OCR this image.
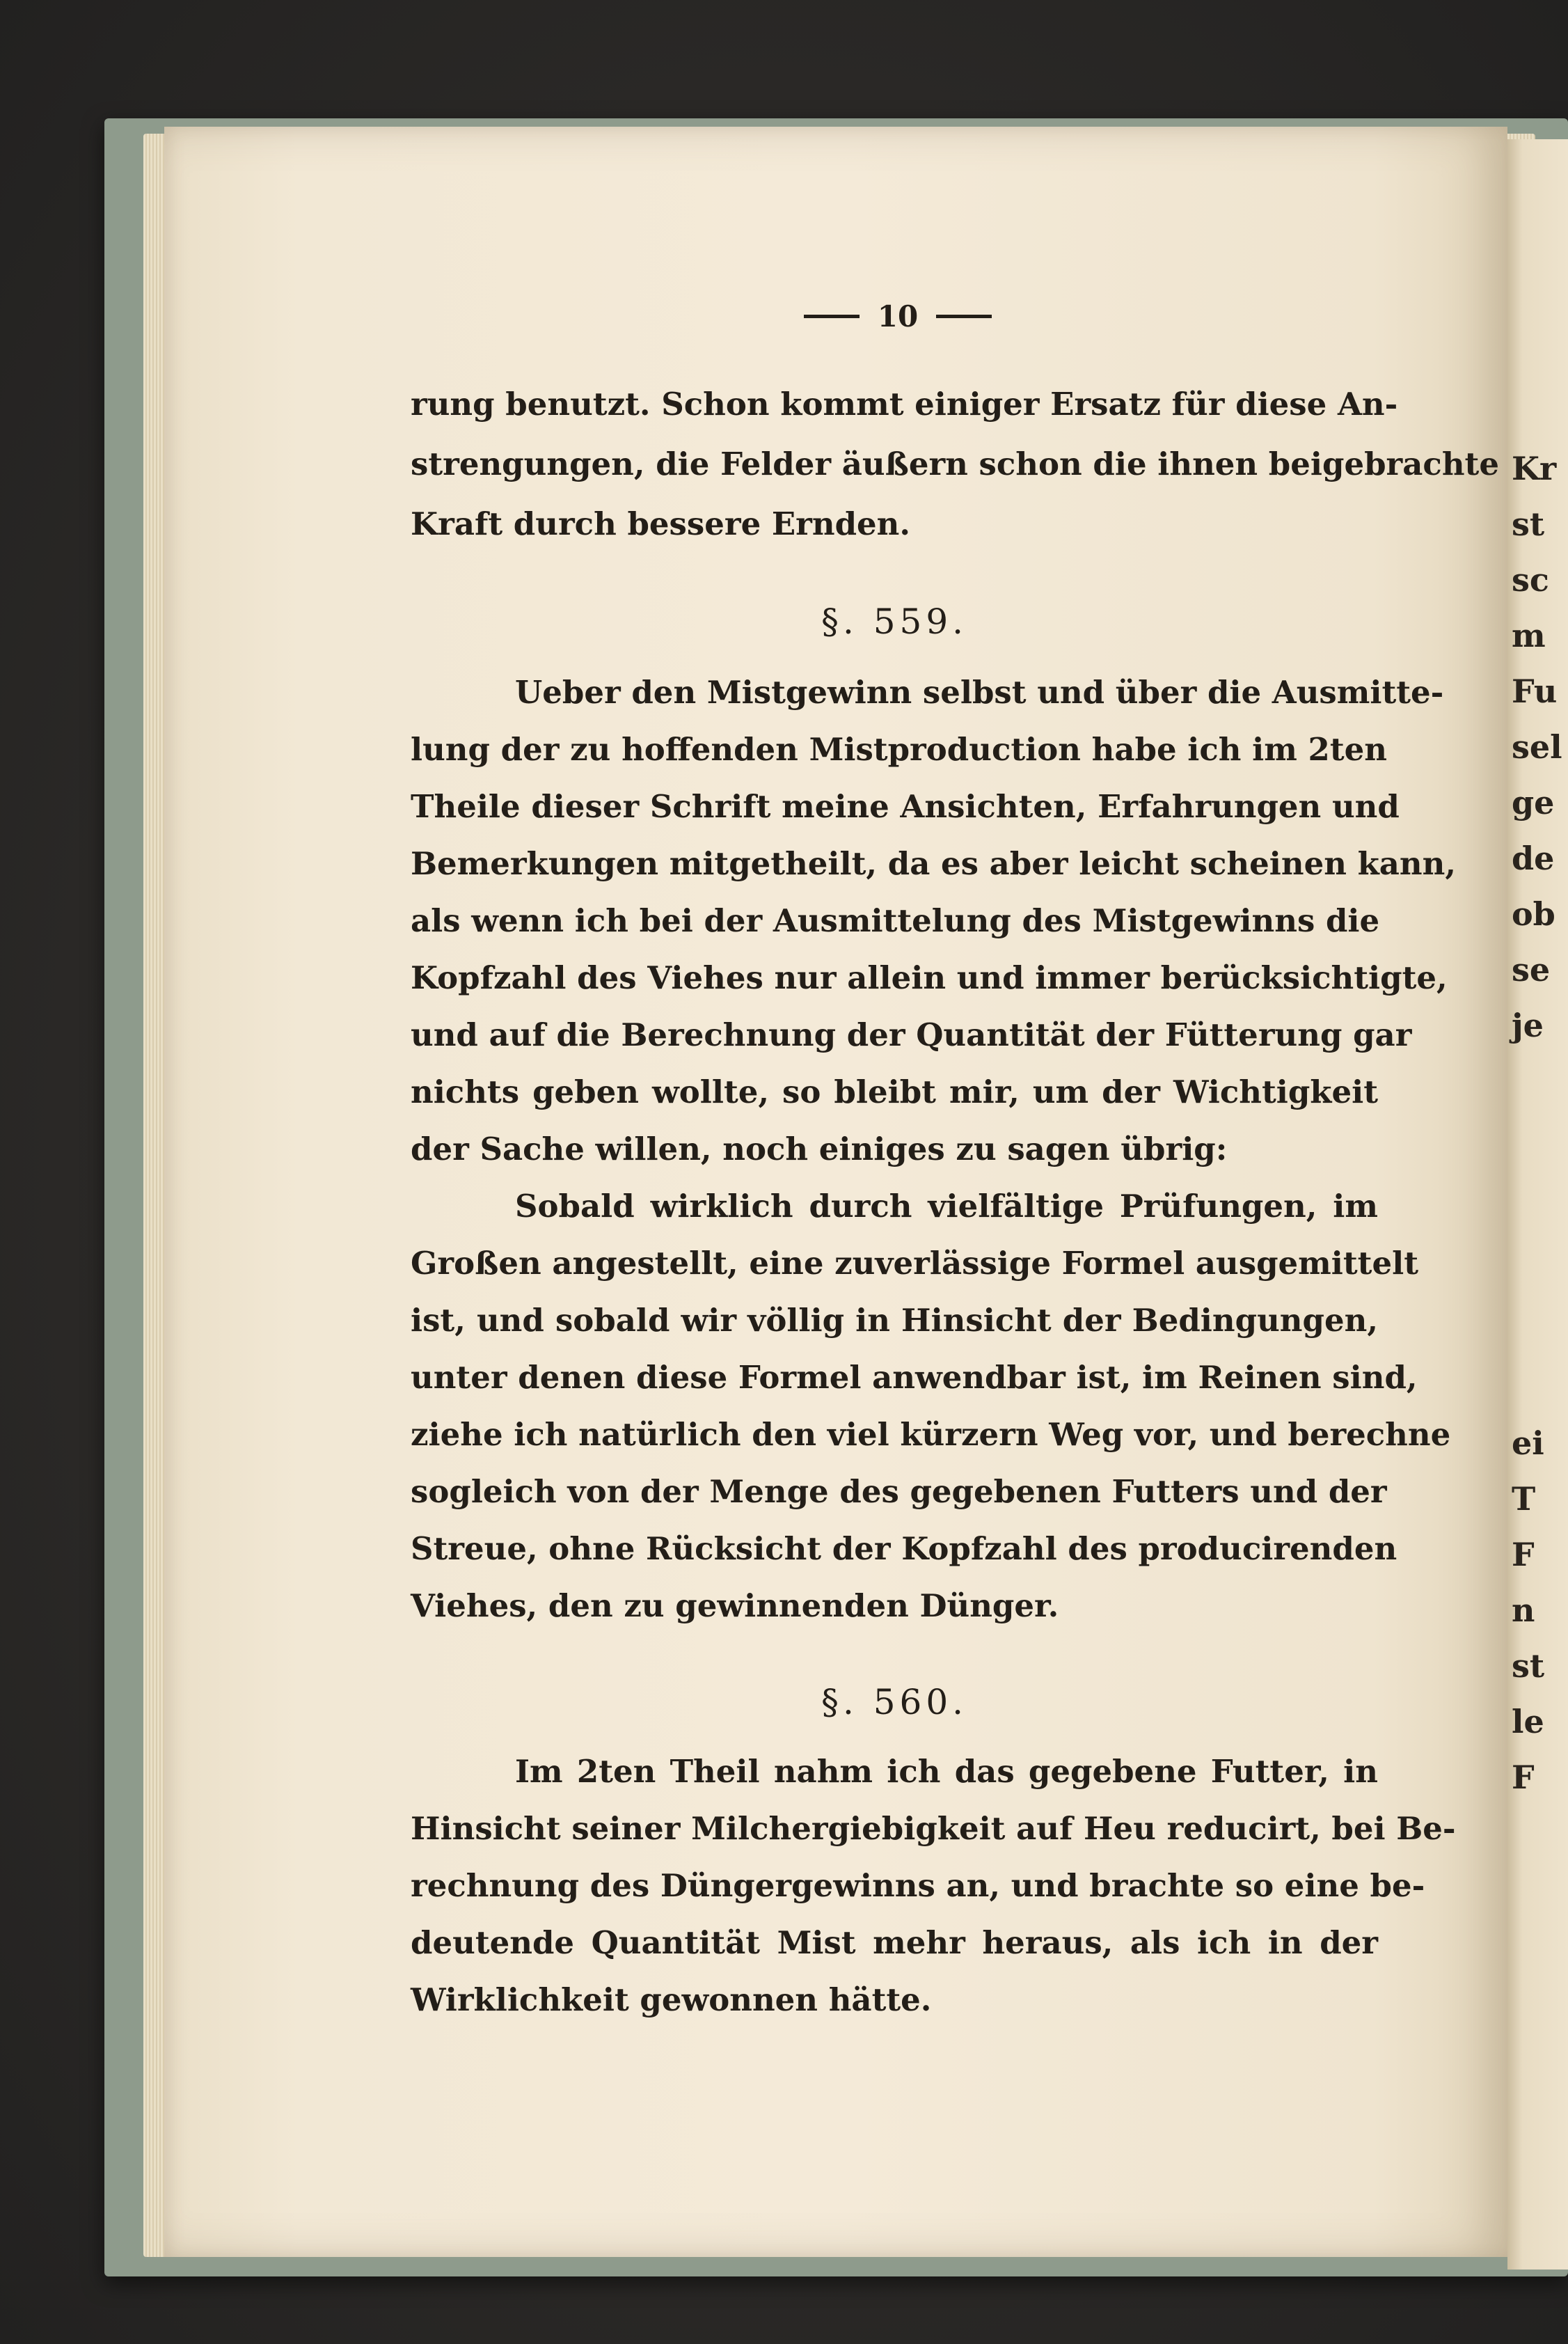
Kr
st
sc
m
Fu
sel
ge
de
ob
se
je
ei
T
F
n
st
le
F
10
rung benutzt. Schon kommt einiger Ersatz für diese An-
strengungen, die Felder äußern schon die ihnen beigebrachte
Kraft durch bessere Ernden.
§. 559.
Ueber den Mistgewinn selbst und über die Ausmitte-
lung der zu hoffenden Mistproduction habe ich im 2ten
Theile dieser Schrift meine Ansichten, Erfahrungen und
Bemerkungen mitgetheilt, da es aber leicht scheinen kann,
als wenn ich bei der Ausmittelung des Mistgewinns die
Kopfzahl des Viehes nur allein und immer berücksichtigte,
und auf die Berechnung der Quantität der Fütterung gar
nichts geben wollte, so bleibt mir, um der Wichtigkeit
der Sache willen, noch einiges zu sagen übrig:
Sobald wirklich durch vielfältige Prüfungen, im
Großen angestellt, eine zuverlässige Formel ausgemittelt
ist, und sobald wir völlig in Hinsicht der Bedingungen,
unter denen diese Formel anwendbar ist, im Reinen sind,
ziehe ich natürlich den viel kürzern Weg vor, und berechne
sogleich von der Menge des gegebenen Futters und der
Streue, ohne Rücksicht der Kopfzahl des producirenden
Viehes, den zu gewinnenden Dünger.
§. 560.
Im 2ten Theil nahm ich das gegebene Futter, in
Hinsicht seiner Milchergiebigkeit auf Heu reducirt, bei Be-
rechnung des Düngergewinns an, und brachte so eine be-
deutende Quantität Mist mehr heraus, als ich in der
Wirklichkeit gewonnen hätte.
